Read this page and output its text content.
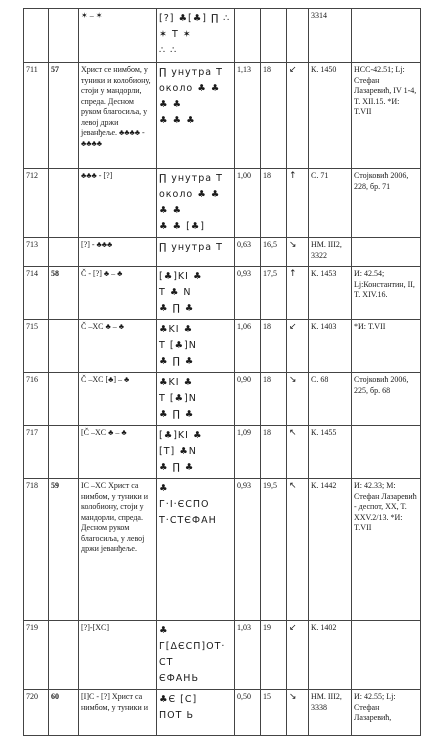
		✶ – ✶	[?] ♣[♣] ∏ ∴
✶ T ✶
∴ ∴				3314	
711	57	Христ се нимбом, у туники и колобиону, стоји у мандорли, спреда. Десном руком благосиља, у левој држи јеванђеље. ♣♣♣♣ - ♣♣♣♣	∏ унутра T
около ♣ ♣ ♣ ♣
♣ ♣ ♣	1,13	18	↙	К. 1450	НСС-42.51; Lj: Стефан Лазаревић, IV 1-4, T. XII.15. *И: T.VII
712		♣♣♣ - [?]	∏ унутра T
около ♣ ♣ ♣ ♣
♣ ♣ [♣]	1,00	18	↑	С. 71	Стојковић 2006, 228, бр. 71
713		[?] - ♣♣♣	∏ унутра T	0,63	16,5	↘	НМ. III2, 3322	
714	58	Č - [?] ♣ – ♣	[♣]ΚI ♣
T ♣ N
♣ ∏ ♣	0,93	17,5	↑	К. 1453	И: 42.54; Lj:Константин, II, T. XIV.16.
715		Č –XC ♣ – ♣	♣ΚI ♣
T [♣]N
♣ ∏ ♣	1,06	18	↙	К. 1403	*И: T.VII
716		Č –XC [♣] – ♣	♣ΚI ♣
T [♣]N
♣ ∏ ♣	0,90	18	↘	С. 68	Стојковић 2006, 225, бр. 68
717		[Č –XC ♣ – ♣	[♣]ΚI ♣
[T] ♣N
♣ ∏ ♣	1,09	18	↖	К. 1455	
718	59	IC –XC Христ са нимбом, у туники и колобиону, стоји у мандорли, спреда. Десном руком благосиља, у левој држи јеванђеље.	♣
Г·I·ЄСПО
Т·СТЄФАН	0,93	19,5	↖	К. 1442	И: 42.33; M: Стефан Лазаревић - деспот, XX, T. XXV.2/13. *И: T.VII
719		[?]-[XC]	♣
Г[ΔЄСП]ОТ·СТ
ЄФАНЬ	1,03	19	↙	К. 1402	
720	60	[I]C - [?] Христ са нимбом, у туники и	♣Є [С]
ПОТ Ь	0,50	15	↘	НМ. III2, 3338	И: 42.55; Lj: Стефан Лазаревић,
